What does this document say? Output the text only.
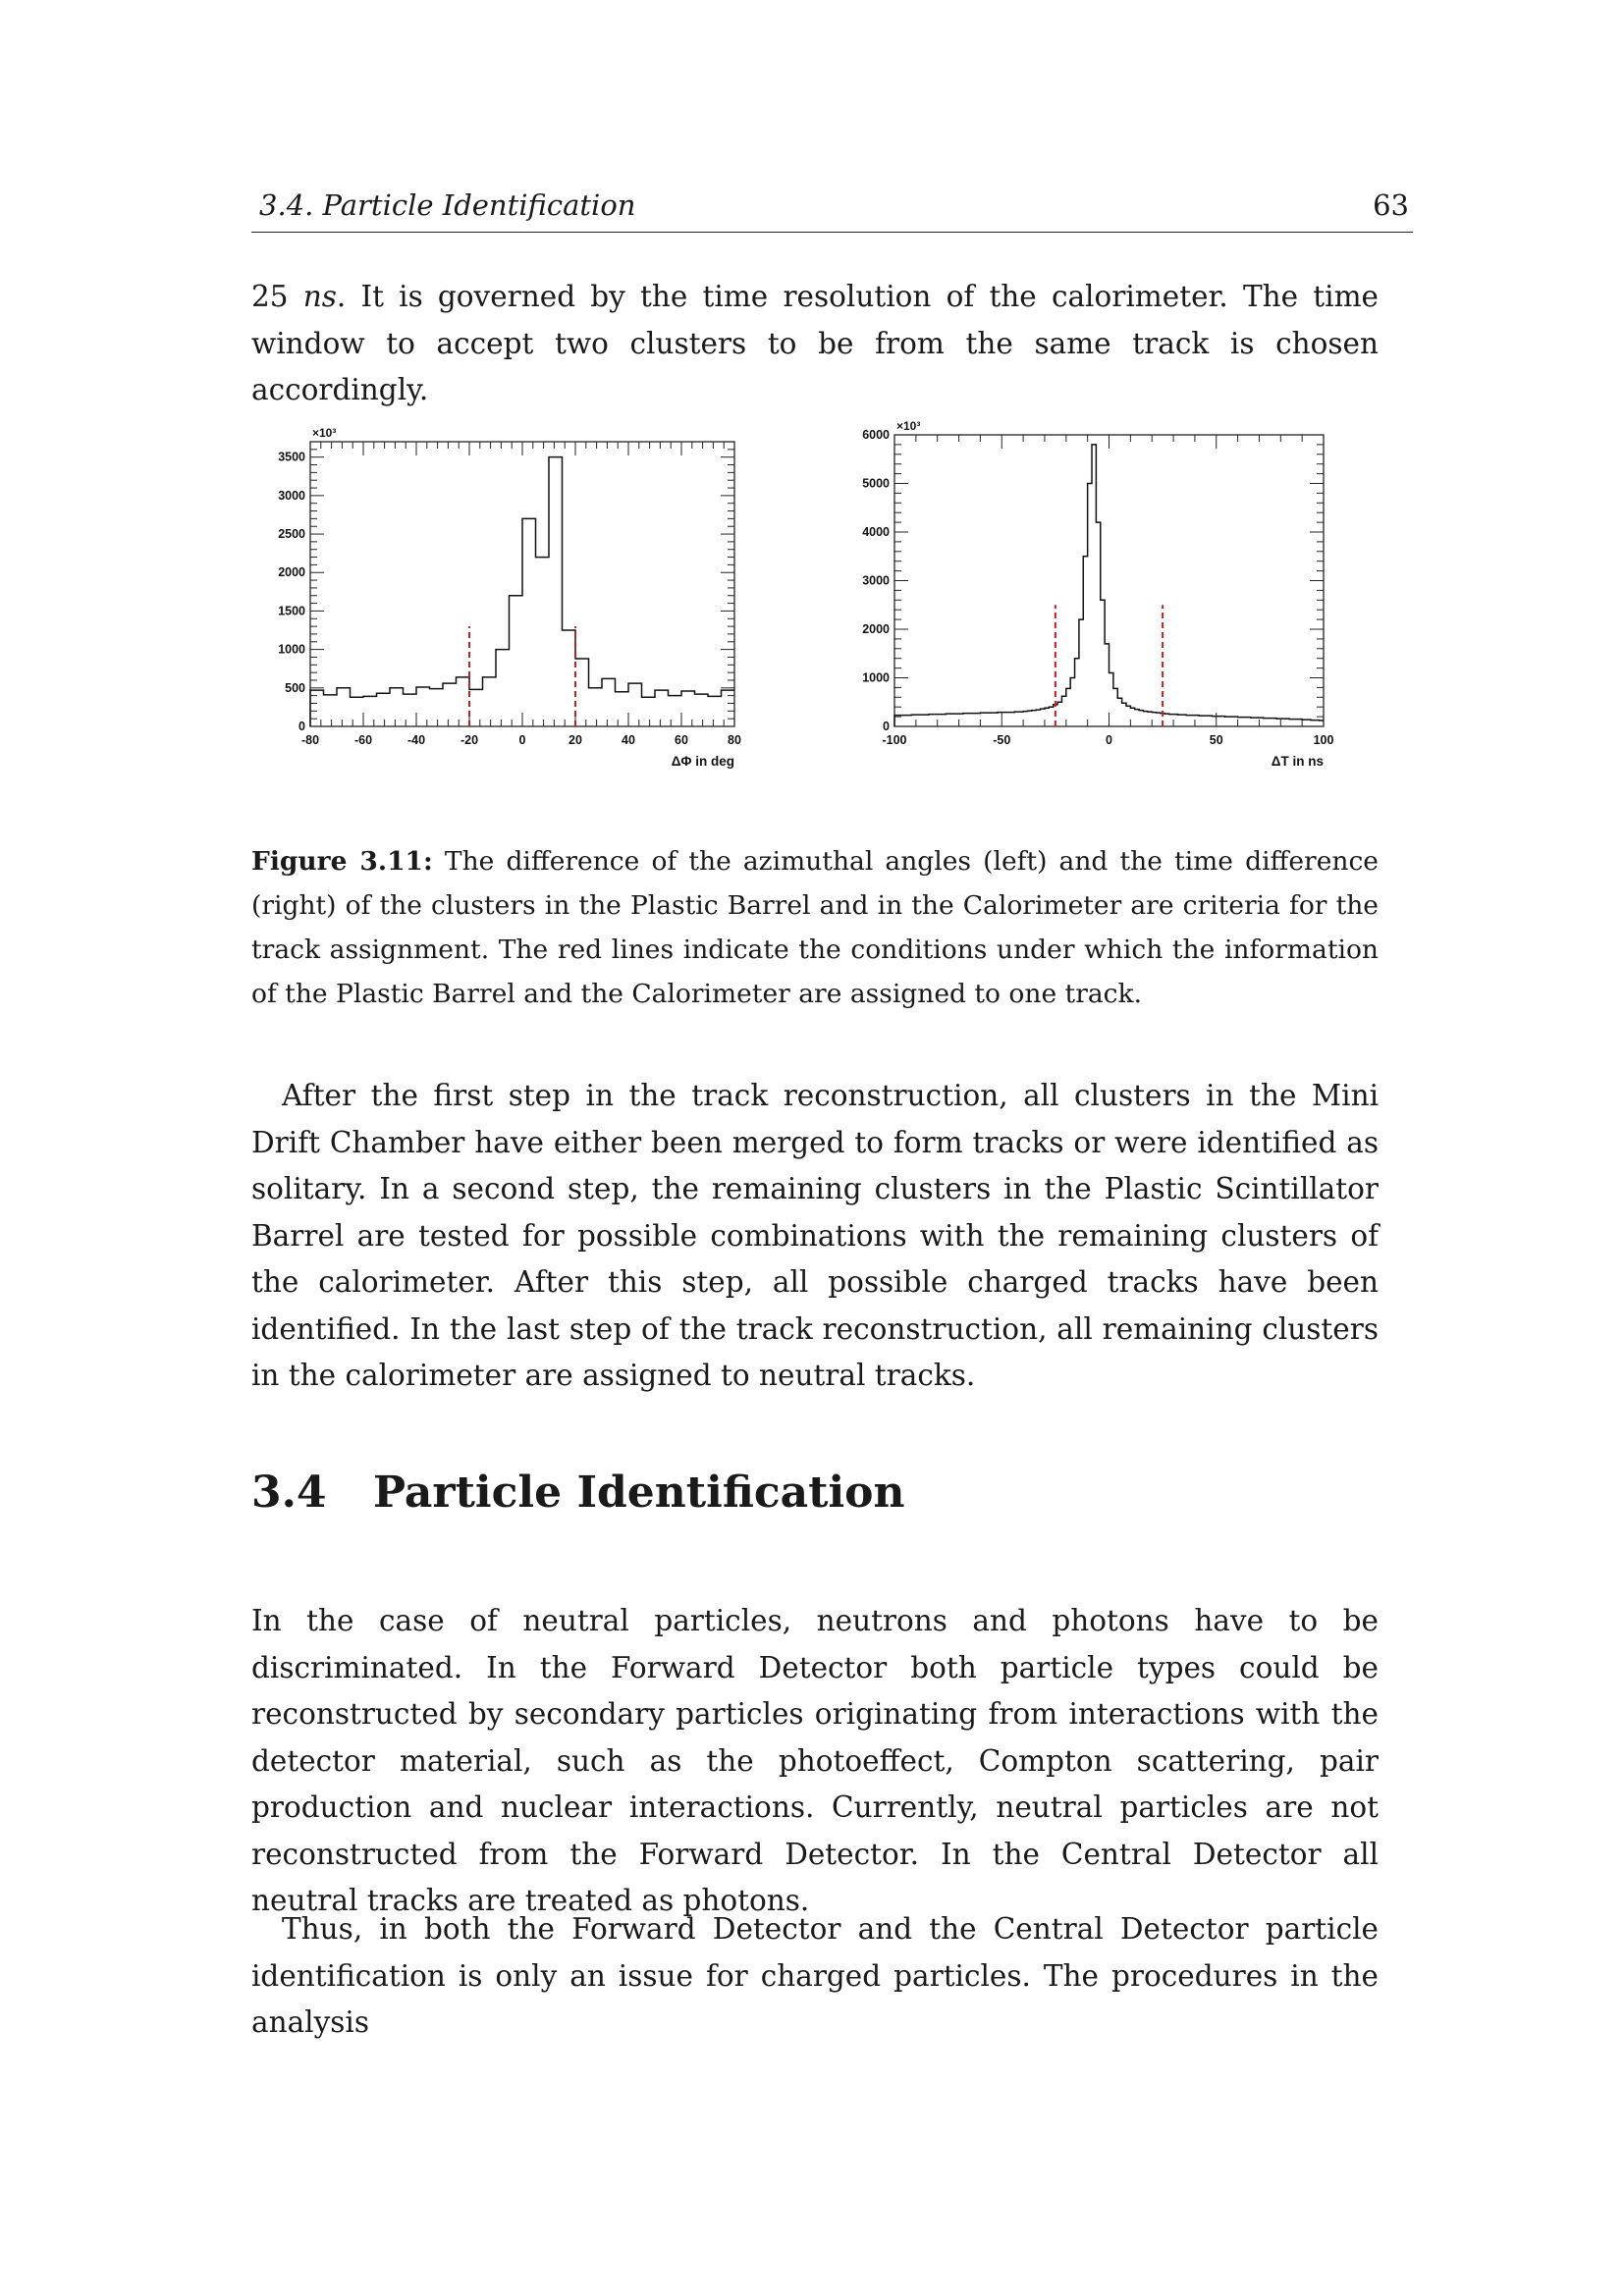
3.4. Particle Identification	63

25 ns. It is governed by the time resolution of the calorimeter. The time window to accept two clusters to be from the same track is chosen accordingly.

-80	-60	-40	-20	0	20	40	60	80
0
500
1000
1500
2000
2500
3000
3500
×10³
ΔΦ in deg
-100	-50	0	50	100
0
1000
2000
3000
4000
5000
6000
×10³
ΔT in ns

Figure 3.11: The difference of the azimuthal angles (left) and the time difference (right) of the clusters in the Plastic Barrel and in the Calorimeter are criteria for the track assignment. The red lines indicate the conditions under which the information of the Plastic Barrel and the Calorimeter are assigned to one track.

After the first step in the track reconstruction, all clusters in the Mini Drift Chamber have either been merged to form tracks or were identified as solitary. In a second step, the remaining clusters in the Plastic Scintillator Barrel are tested for possible combinations with the remaining clusters of the calorimeter. After this step, all possible charged tracks have been identified. In the last step of the track reconstruction, all remaining clusters in the calorimeter are assigned to neutral tracks.

3.4 Particle Identification

In the case of neutral particles, neutrons and photons have to be discriminated. In the Forward Detector both particle types could be reconstructed by secondary particles originating from interactions with the detector material, such as the photoeffect, Compton scattering, pair production and nuclear interactions. Currently, neutral particles are not reconstructed from the Forward Detector. In the Central Detector all neutral tracks are treated as photons.

Thus, in both the Forward Detector and the Central Detector particle identification is only an issue for charged particles. The procedures in the analysis
